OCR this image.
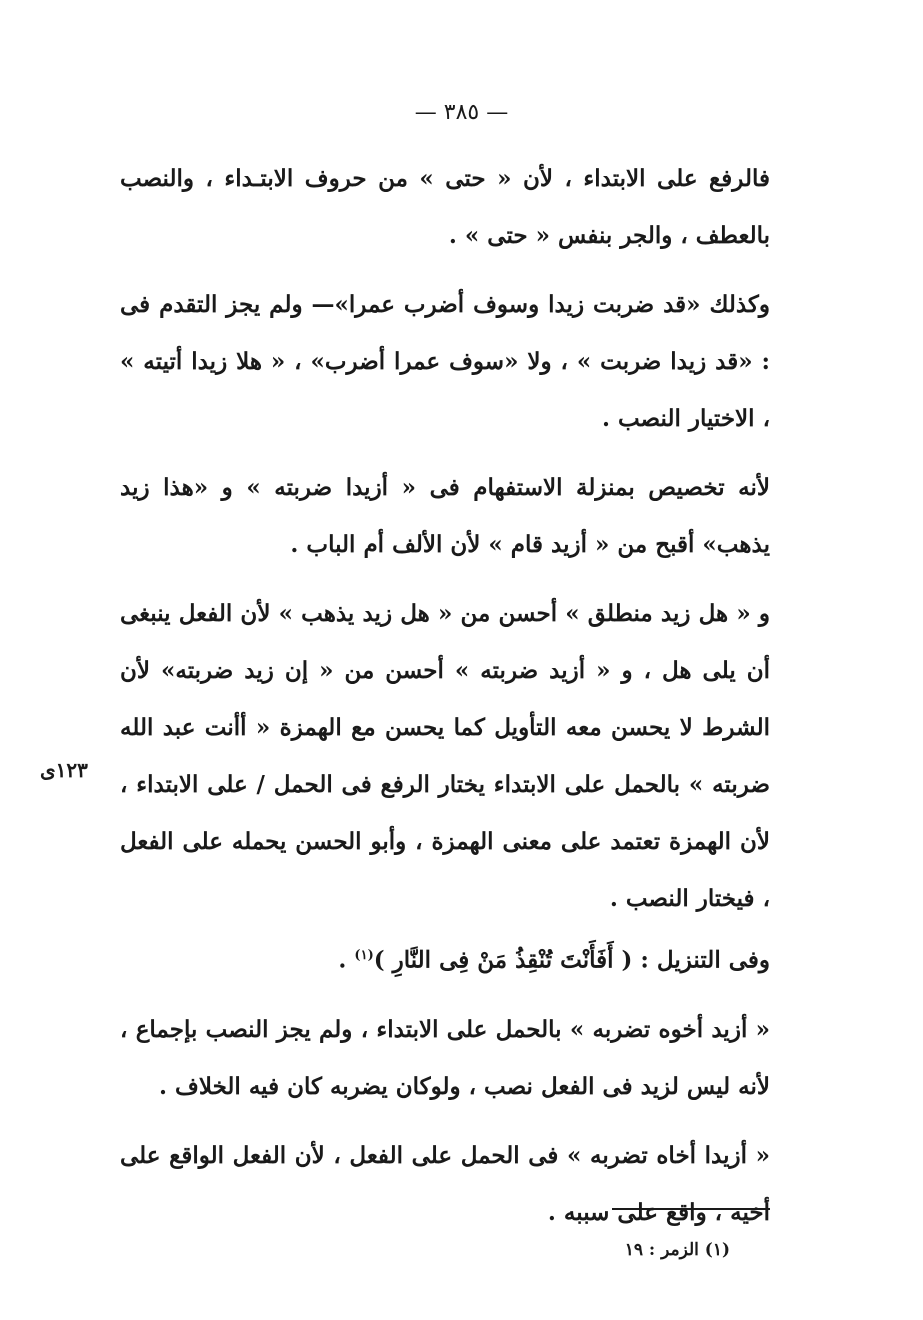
— ٣٨٥ —

فالرفع على الابتداء ، لأن « حتى » من حروف الابتـداء ، والنصب بالعطف ، والجر بنفس « حتى » .

وكذلك «قد ضربت زيدا وسوف أضرب عمرا»— ولم يجز التقدم فى : «قد زيدا ضربت » ، ولا «سوف عمرا أضرب» ، « هلا زيدا أتيته » ، الاختيار النصب .

لأنه تخصيص بمنزلة الاستفهام فى « أزيدا ضربته » و «هذا زيد يذهب» أقبح من « أزيد قام » لأن الألف أم الباب .

و « هل زيد منطلق » أحسن من « هل زيد يذهب » لأن الفعل ينبغى أن يلى هل ، و « أزيد ضربته » أحسن من « إن زيد ضربته» لأن الشرط لا يحسن معه التأويل كما يحسن مع الهمزة « أأنت عبد الله ضربته » بالحمل على الابتداء يختار الرفع فى الحمل / على الابتداء ، لأن الهمزة تعتمد على معنى الهمزة ، وأبو الحسن يحمله على الفعل ، فيختار النصب .

وفى التنزيل : ( أَفَأَنْتَ تُنْقِذُ مَنْ فِى النَّارِ )$^{(١)}$ .

« أزيد أخوه تضربه » بالحمل على الابتداء ، ولم يجز النصب بإجماع ، لأنه ليس لزيد فى الفعل نصب ، ولوكان يضربه كان فيه الخلاف .

« أزيدا أخاه تضربه » فى الحمل على الفعل ، لأن الفعل الواقع على أخيه ، واقع على سببه .

١٢٣ى
(١) الزمر : ١٩
